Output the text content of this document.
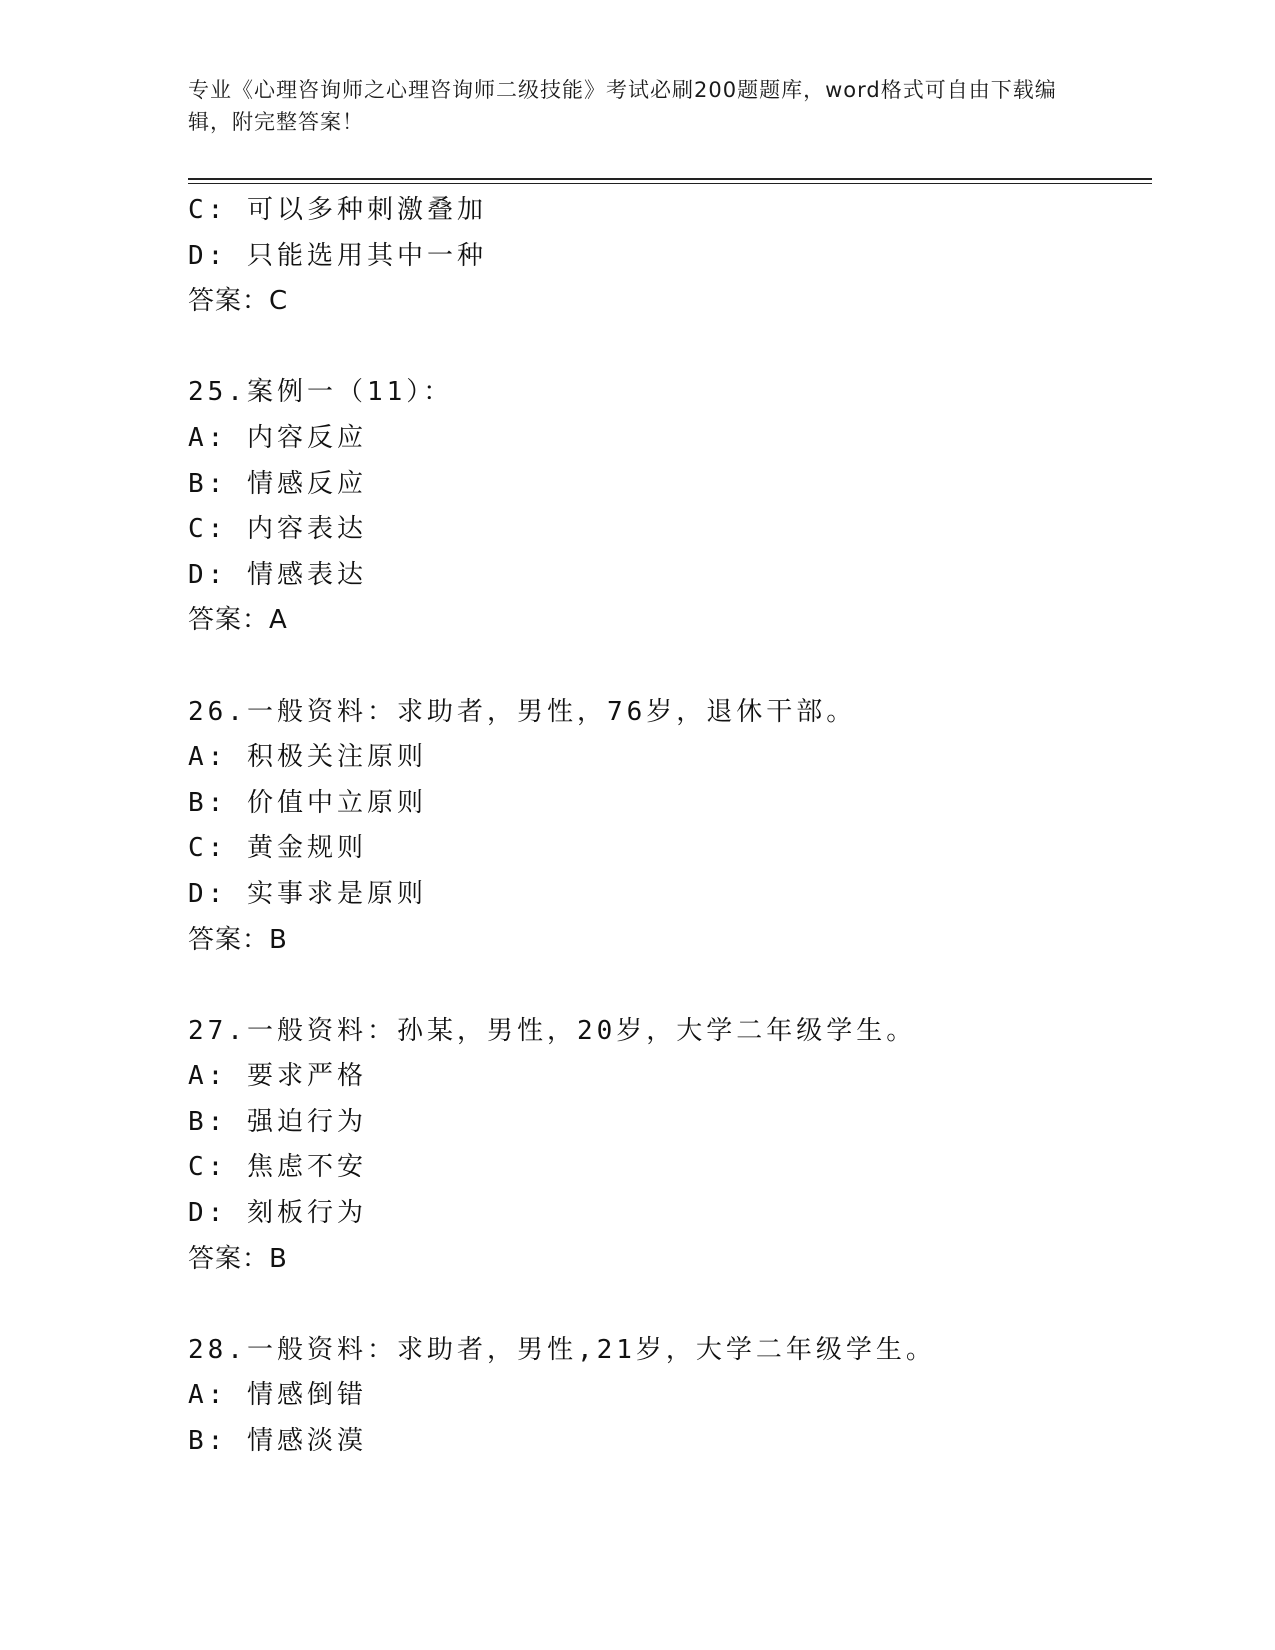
专业《心理咨询师之心理咨询师二级技能》考试必刷200题题库，word格式可自由下载编辑，附完整答案！
C: 可以多种刺激叠加
D: 只能选用其中一种
答案：C
25.案例一（11）：
A: 内容反应
B: 情感反应
C: 内容表达
D: 情感表达
答案：A
26.一般资料：求助者，男性，76岁，退休干部。
A: 积极关注原则
B: 价值中立原则
C: 黄金规则
D: 实事求是原则
答案：B
27.一般资料：孙某，男性，20岁，大学二年级学生。
A: 要求严格
B: 强迫行为
C: 焦虑不安
D: 刻板行为
答案：B
28.一般资料：求助者，男性,21岁，大学二年级学生。
A: 情感倒错
B: 情感淡漠
